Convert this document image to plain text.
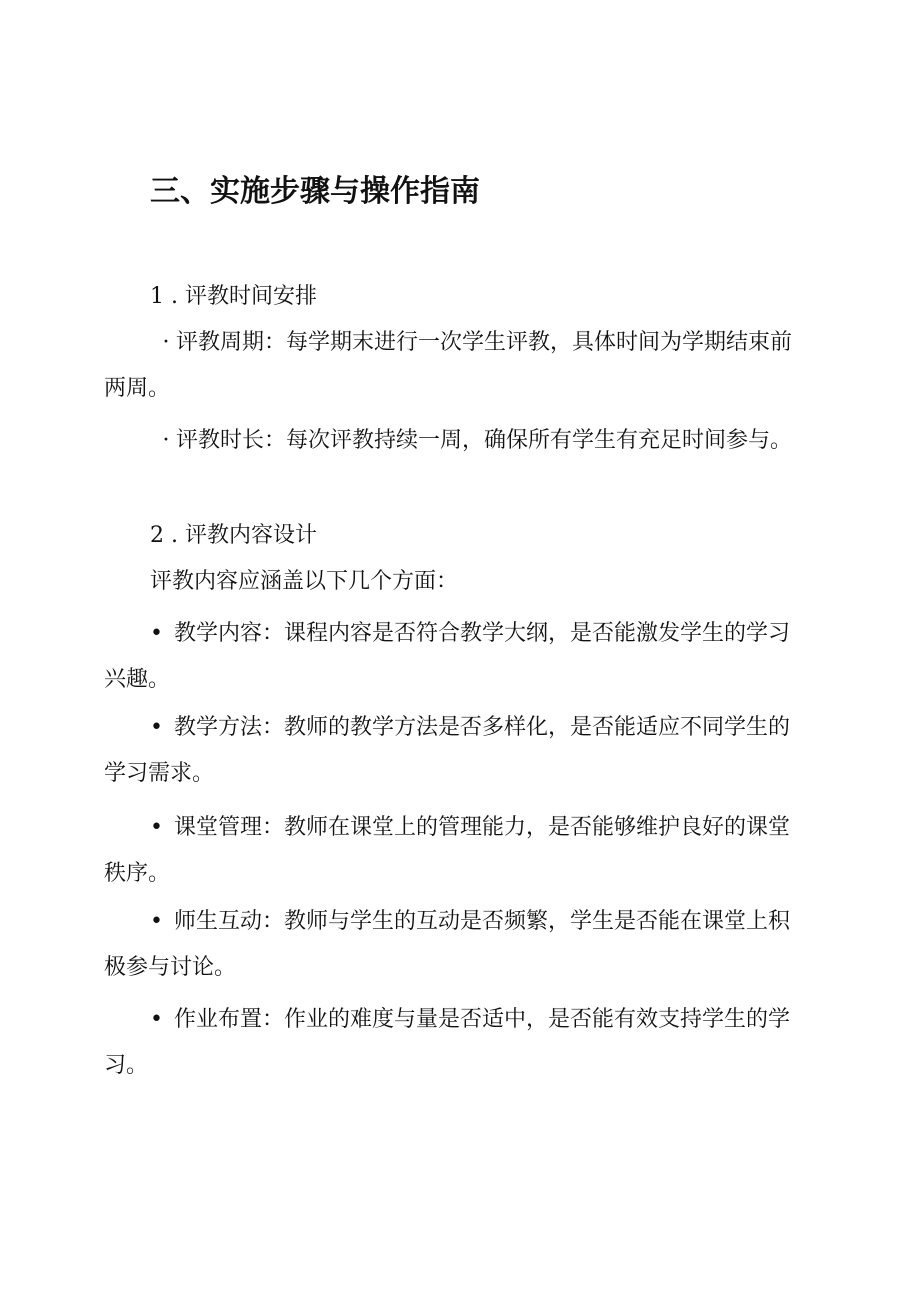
三、实施步骤与操作指南
1 . 评教时间安排
· 评教周期：每学期末进行一次学生评教，具体时间为学期结束前
两周。
· 评教时长：每次评教持续一周，确保所有学生有充足时间参与。
2 . 评教内容设计
评教内容应涵盖以下几个方面：
• 教学内容：课程内容是否符合教学大纲，是否能激发学生的学习
兴趣。
• 教学方法：教师的教学方法是否多样化，是否能适应不同学生的
学习需求。
• 课堂管理：教师在课堂上的管理能力，是否能够维护良好的课堂
秩序。
• 师生互动：教师与学生的互动是否频繁，学生是否能在课堂上积
极参与讨论。
• 作业布置：作业的难度与量是否适中，是否能有效支持学生的学
习。
